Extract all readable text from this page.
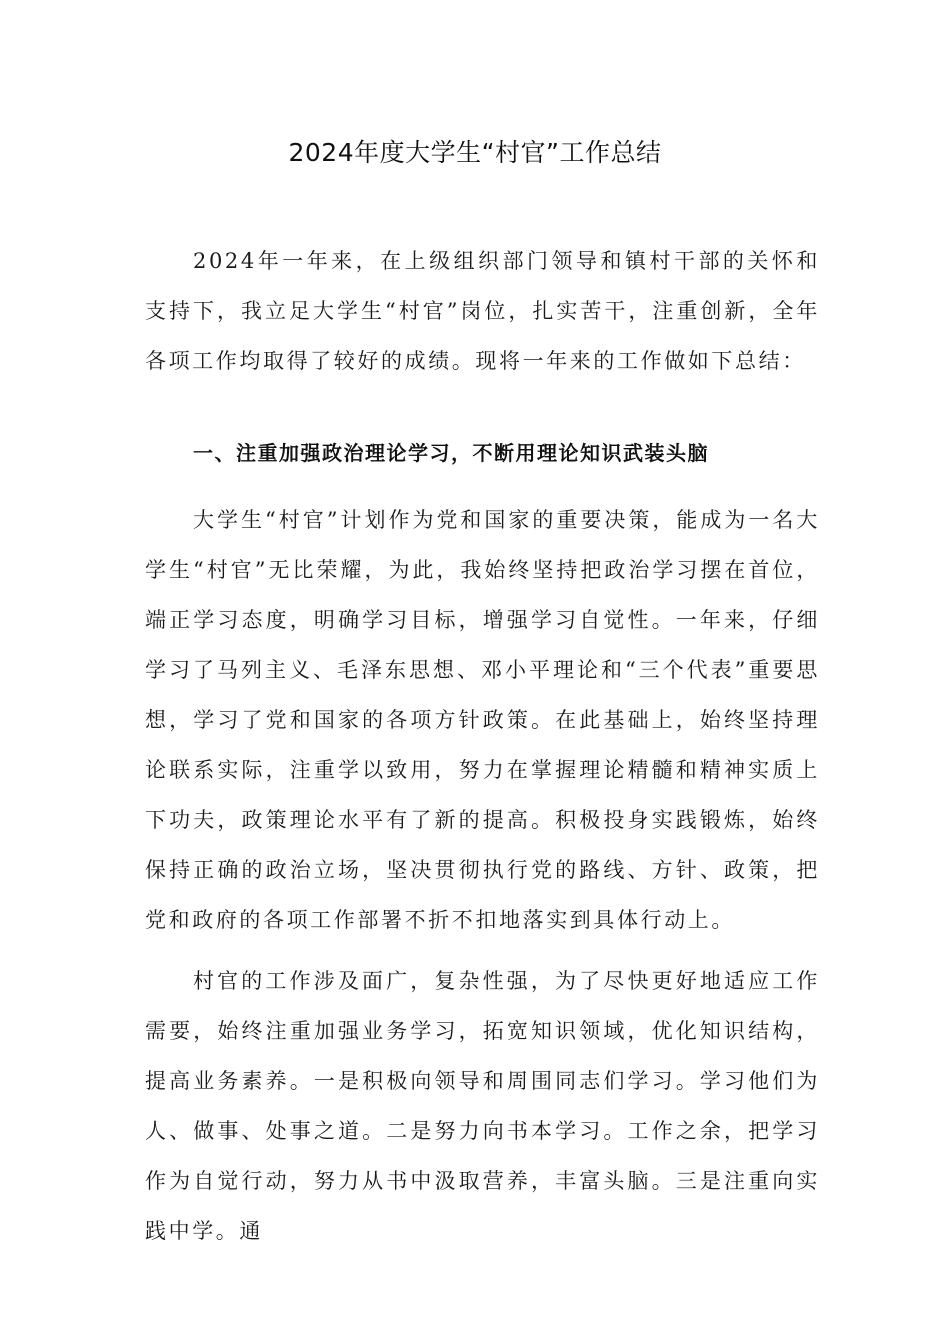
2024年度大学生“村官”工作总结

2024年一年来，在上级组织部门领导和镇村干部的关怀和支持下，我立足大学生“村官”岗位，扎实苦干，注重创新，全年各项工作均取得了较好的成绩。现将一年来的工作做如下总结：

一、注重加强政治理论学习，不断用理论知识武装头脑

大学生“村官”计划作为党和国家的重要决策，能成为一名大学生“村官”无比荣耀，为此，我始终坚持把政治学习摆在首位，端正学习态度，明确学习目标，增强学习自觉性。一年来，仔细学习了马列主义、毛泽东思想、邓小平理论和“三个代表”重要思想，学习了党和国家的各项方针政策。在此基础上，始终坚持理论联系实际，注重学以致用，努力在掌握理论精髓和精神实质上下功夫，政策理论水平有了新的提高。积极投身实践锻炼，始终保持正确的政治立场，坚决贯彻执行党的路线、方针、政策，把党和政府的各项工作部署不折不扣地落实到具体行动上。

村官的工作涉及面广，复杂性强，为了尽快更好地适应工作需要，始终注重加强业务学习，拓宽知识领域，优化知识结构，提高业务素养。一是积极向领导和周围同志们学习。学习他们为人、做事、处事之道。二是努力向书本学习。工作之余，把学习作为自觉行动，努力从书中汲取营养，丰富头脑。三是注重向实践中学。通
